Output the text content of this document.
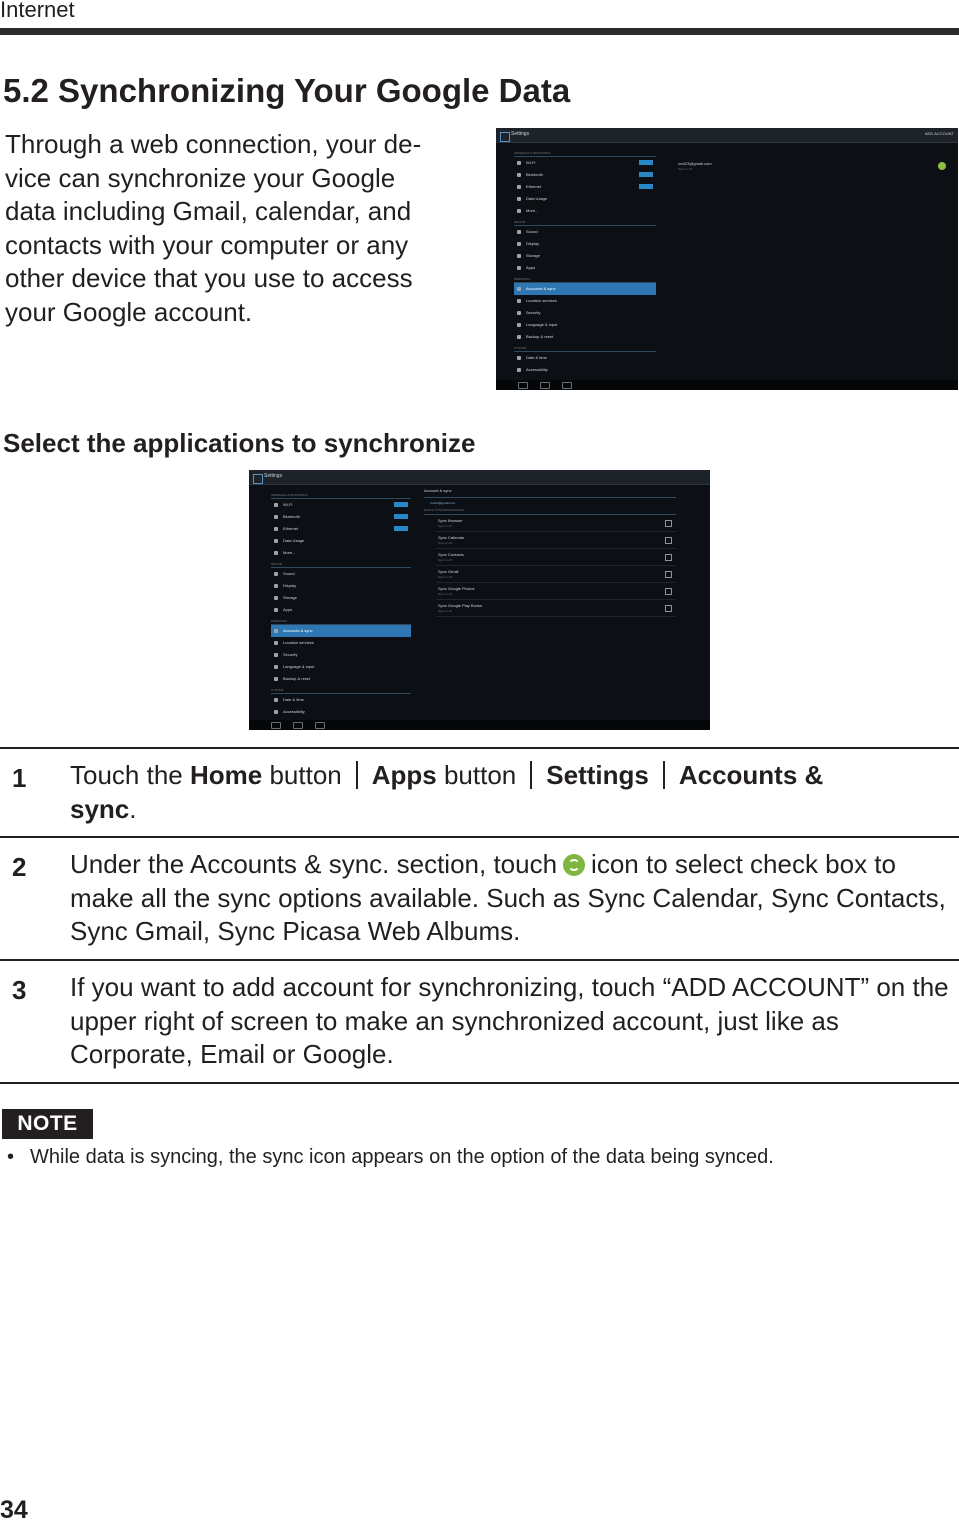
Internet
5.2 Synchronizing Your Google Data
Through a web connection, your de-
vice can synchronize your Google
data including Gmail, calendar, and
contacts with your computer or any
other device that you use to access
your Google account.
Settings	ADD ACCOUNT
WIRELESS & NETWORKS
Wi-Fi
Bluetooth
Ethernet
Data Usage
More...
DEVICE
Sound
Display
Storage
Apps
PERSONAL
Accounts & sync
Location services
Security
Language & input
Backup & reset
SYSTEM
Date & time
Accessibility
xxxl23@gmail.com
Sync is off
Select the applications to synchronize
Settings
WIRELESS & NETWORKS
Wi-Fi
Bluetooth
Ethernet
Data Usage
More...
DEVICE
Sound
Display
Storage
Apps
PERSONAL
Accounts & sync
Location services
Security
Language & input
Backup & reset
SYSTEM
Date & time
Accessibility
Account & sync
xxxl23@gmail.com
DATA & SYNCHRONIZATION
Sync Browser
Sync is off
Sync Calendar
Sync is off
Sync Contacts
Sync is off
Sync Gmail
Sync is off
Sync Google Photos
Sync is off
Sync Google Play Books
Sync is off
1 Touch the Home button Apps button Settings Accounts &
sync.
2 Under the Accounts & sync. section, touch icon to select check box to make all the sync options available. Such as Sync Calendar, Sync Contacts, Sync Gmail, Sync Picasa Web Albums.
3 If you want to add account for synchronizing, touch “ADD ACCOUNT” on the upper right of screen to make an synchronized account, just like as Corporate, Email or Google.
NOTE
• While data is syncing, the sync icon appears on the option of the data being synced.
34
